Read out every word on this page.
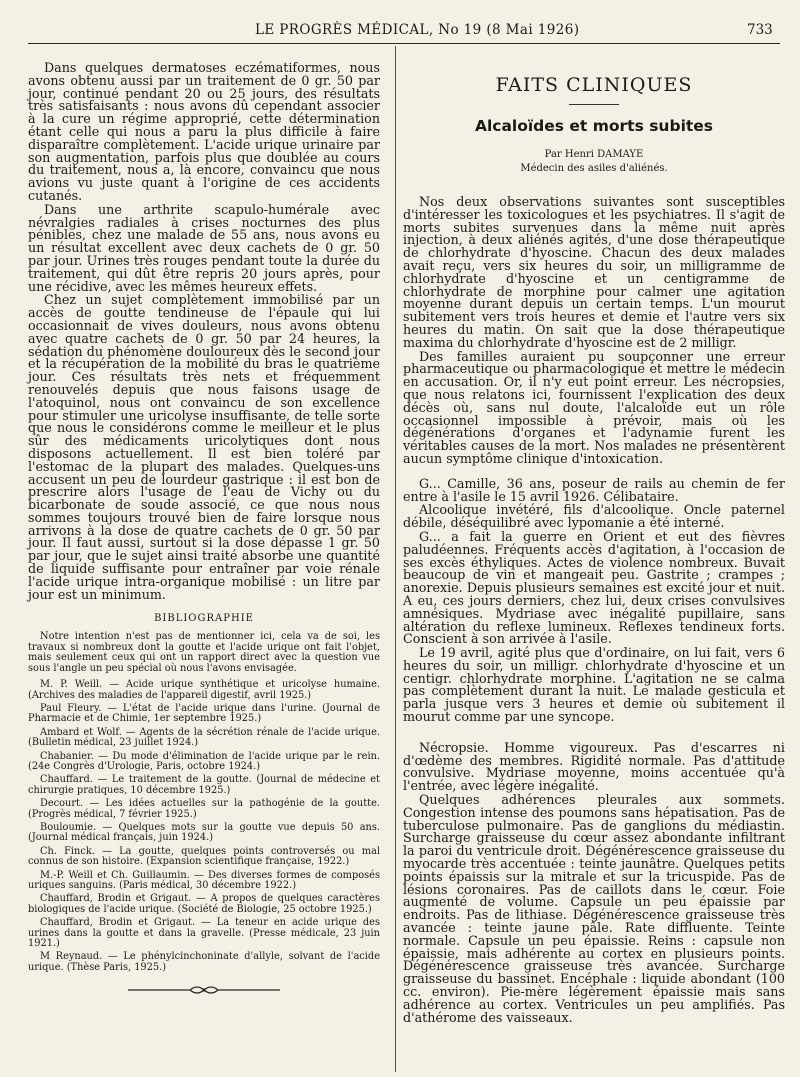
LE PROGRÈS MÉDICAL, No 19 (8 Mai 1926)	733

Dans quelques dermatoses eczématiformes, nous avons obtenu aussi par un traitement de 0 gr. 50 par jour, continué pendant 20 ou 25 jours, des résultats très satisfaisants : nous avons dû cependant associer à la cure un régime approprié, cette détermination étant celle qui nous a paru la plus difficile à faire disparaître complètement. L'acide urique urinaire par son augmentation, parfois plus que doublée au cours du traitement, nous a, là encore, convaincu que nous avions vu juste quant à l'origine de ces accidents cutanés.

Dans une arthrite scapulo-humérale avec névralgies radiales à crises nocturnes des plus pénibles, chez une malade de 55 ans, nous avons eu un résultat excellent avec deux cachets de 0 gr. 50 par jour. Urines très rouges pendant toute la durée du traitement, qui dût être repris 20 jours après, pour une récidive, avec les mêmes heureux effets.

Chez un sujet complètement immobilisé par un accès de goutte tendineuse de l'épaule qui lui occasionnait de vives douleurs, nous avons obtenu avec quatre cachets de 0 gr. 50 par 24 heures, la sédation du phénomène douloureux dès le second jour et la récupération de la mobilité du bras le quatrième jour. Ces résultats très nets et fréquemment renouvelés depuis que nous faisons usage de l'atoquinol, nous ont convaincu de son excellence pour stimuler une uricolyse insuffisante, de telle sorte que nous le considérons comme le meilleur et le plus sûr des médicaments uricolytiques dont nous disposons actuellement. Il est bien toléré par l'estomac de la plupart des malades. Quelques-uns accusent un peu de lourdeur gastrique : il est bon de prescrire alors l'usage de l'eau de Vichy ou du bicarbonate de soude associé, ce que nous nous sommes toujours trouvé bien de faire lorsque nous arrivons à la dose de quatre cachets de 0 gr. 50 par jour. Il faut aussi, surtout si la dose dépasse 1 gr. 50 par jour, que le sujet ainsi traité absorbe une quantité de liquide suffisante pour entraîner par voie rénale l'acide urique intra-organique mobilisé : un litre par jour est un minimum.

BIBLIOGRAPHIE

Notre intention n'est pas de mentionner ici, cela va de soi, les travaux si nombreux dont la goutte et l'acide urique ont fait l'objet, mais seulement ceux qui ont un rapport direct avec la question vue sous l'angle un peu spécial où nous l'avons envisagée.

M. P. Weill. — Acide urique synthétique et uricolyse humaine. (Archives des maladies de l'appareil digestif, avril 1925.)
Paul Fleury. — L'état de l'acide urique dans l'urine. (Journal de Pharmacie et de Chimie, 1er septembre 1925.)
Ambard et Wolf. — Agents de la sécrétion rénale de l'acide urique. (Bulletin médical, 23 juillet 1924.)
Chabanier. — Du mode d'élimination de l'acide urique par le rein. (24e Congrès d'Urologie, Paris, octobre 1924.)
Chauffard. — Le traitement de la goutte. (Journal de médecine et chirurgie pratiques, 10 décembre 1925.)
Decourt. — Les idées actuelles sur la pathogénie de la goutte. (Progrès médical, 7 février 1925.)
Bouloumie. — Quelques mots sur la goutte vue depuis 50 ans. (Journal médical français, juin 1924.)
Ch. Finck. — La goutte, quelques points controversés ou mal connus de son histoire. (Expansion scientifique française, 1922.)
M.-P. Weill et Ch. Guillaumin. — Des diverses formes de composés uriques sanguins. (Paris médical, 30 décembre 1922.)
Chauffard, Brodin et Grigaut. — A propos de quelques caractères biologiques de l'acide urique. (Société de Biologie, 25 octobre 1925.)
Chauffard, Brodin et Grigaut. — La teneur en acide urique des urines dans la goutte et dans la gravelle. (Presse médicale, 23 juin 1921.)
M Reynaud. — Le phénylcinchoninate d'allyle, solvant de l'acide urique. (Thèse Paris, 1925.)
FAITS CLINIQUES
Alcaloïdes et morts subites
Par Henri DAMAYE
Médecin des asiles d'aliénés.

Nos deux observations suivantes sont susceptibles d'intéresser les toxicologues et les psychiatres. Il s'agit de morts subites survenues dans la même nuit après injection, à deux aliénés agités, d'une dose thérapeutique de chlorhydrate d'hyoscine. Chacun des deux malades avait reçu, vers six heures du soir, un milligramme de chlorhydrate d'hyoscine et un centigramme de chlorhydrate de morphine pour calmer une agitation moyenne durant depuis un certain temps. L'un mourut subitement vers trois heures et demie et l'autre vers six heures du matin. On sait que la dose thérapeutique maxima du chlorhydrate d'hyoscine est de 2 milligr.

Des familles auraient pu soupçonner une erreur pharmaceutique ou pharmacologique et mettre le médecin en accusation. Or, il n'y eut point erreur. Les nécropsies, que nous relatons ici, fournissent l'explication des deux décès où, sans nul doute, l'alcaloïde eut un rôle occasionnel impossible à prévoir, mais où les dégénérations d'organes et l'adynamie furent les véritables causes de la mort. Nos malades ne présentèrent aucun symptôme clinique d'intoxication.

G... Camille, 36 ans, poseur de rails au chemin de fer entre à l'asile le 15 avril 1926. Célibataire.

Alcoolique invétéré, fils d'alcoolique. Oncle paternel débile, déséquilibré avec lypomanie a été interné.

G... a fait la guerre en Orient et eut des fièvres paludéennes. Fréquents accès d'agitation, à l'occasion de ses excès éthyliques. Actes de violence nombreux. Buvait beaucoup de vin et mangeait peu. Gastrite ; crampes ; anorexie. Depuis plusieurs semaines est excité jour et nuit. A eu, ces jours derniers, chez lui, deux crises convulsives amnésiques. Mydriase avec inégalité pupillaire, sans altération du reflexe lumineux. Reflexes tendineux forts. Conscient à son arrivée à l'asile.

Le 19 avril, agité plus que d'ordinaire, on lui fait, vers 6 heures du soir, un milligr. chlorhydrate d'hyoscine et un centigr. chlorhydrate morphine. L'agitation ne se calma pas complètement durant la nuit. Le malade gesticula et parla jusque vers 3 heures et demie où subitement il mourut comme par une syncope.

Nécropsie. Homme vigoureux. Pas d'escarres ni d'œdème des membres. Rigidité normale. Pas d'attitude convulsive. Mydriase moyenne, moins accentuée qu'à l'entrée, avec légère inégalité.

Quelques adhérences pleurales aux sommets. Congestion intense des poumons sans hépatisation. Pas de tuberculose pulmonaire. Pas de ganglions du médiastin. Surcharge graisseuse du cœur assez abondante infiltrant la paroi du ventricule droit. Dégénérescence graisseuse du myocarde très accentuée : teinte jaunâtre. Quelques petits points épaissis sur la mitrale et sur la tricuspide. Pas de lésions coronaires. Pas de caillots dans le cœur. Foie augmenté de volume. Capsule un peu épaissie par endroits. Pas de lithiase. Dégénérescence graisseuse très avancée : teinte jaune pâle. Rate diffluente. Teinte normale. Capsule un peu épaissie. Reins : capsule non épaissie, mais adhérente au cortex en plusieurs points. Dégénérescence graisseuse très avancée. Surcharge graisseuse du bassinet. Encéphale : liquide abondant (100 cc. environ). Pie-mère légèrement épaissie mais sans adhérence au cortex. Ventricules un peu amplifiés. Pas d'athérome des vaisseaux.
